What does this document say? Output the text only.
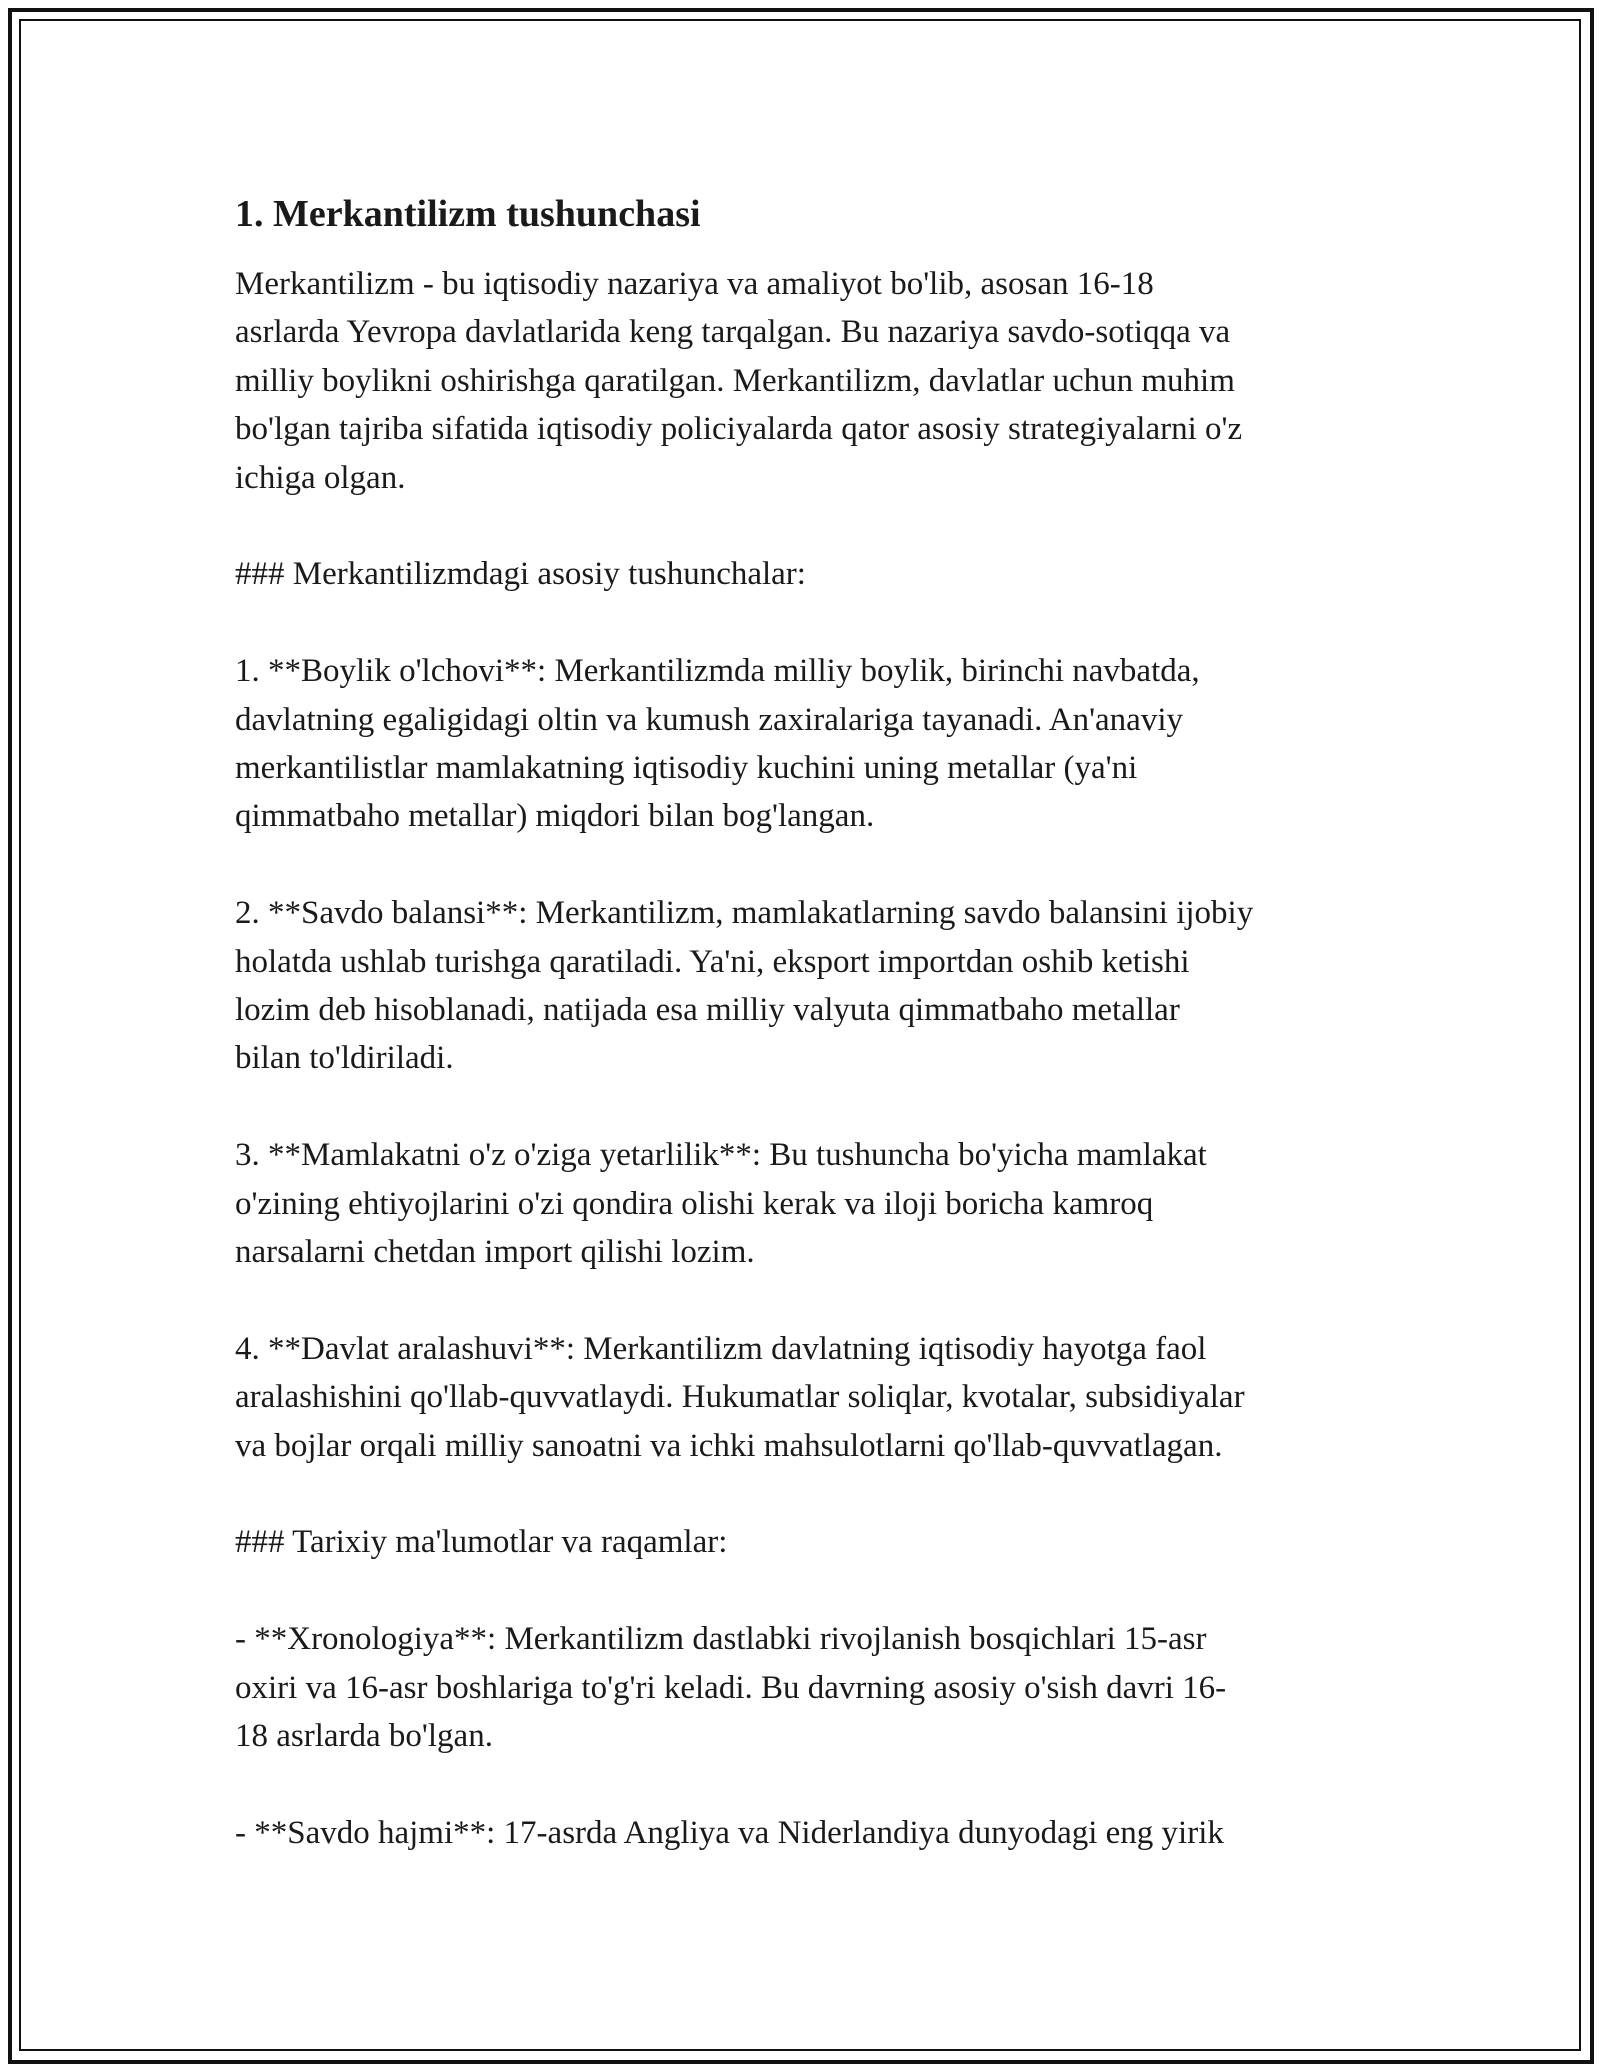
1. Merkantilizm tushunchasi

Merkantilizm - bu iqtisodiy nazariya va amaliyot bo'lib, asosan 16-18
asrlarda Yevropa davlatlarida keng tarqalgan. Bu nazariya savdo-sotiqqa va
milliy boylikni oshirishga qaratilgan. Merkantilizm, davlatlar uchun muhim
bo'lgan tajriba sifatida iqtisodiy policiyalarda qator asosiy strategiyalarni o'z
ichiga olgan.

### Merkantilizmdagi asosiy tushunchalar:

1. **Boylik o'lchovi**: Merkantilizmda milliy boylik, birinchi navbatda,
davlatning egaligidagi oltin va kumush zaxiralariga tayanadi. An'anaviy
merkantilistlar mamlakatning iqtisodiy kuchini uning metallar (ya'ni
qimmatbaho metallar) miqdori bilan bog'langan.

2. **Savdo balansi**: Merkantilizm, mamlakatlarning savdo balansini ijobiy
holatda ushlab turishga qaratiladi. Ya'ni, eksport importdan oshib ketishi
lozim deb hisoblanadi, natijada esa milliy valyuta qimmatbaho metallar
bilan to'ldiriladi.

3. **Mamlakatni o'z o'ziga yetarlilik**: Bu tushuncha bo'yicha mamlakat
o'zining ehtiyojlarini o'zi qondira olishi kerak va iloji boricha kamroq
narsalarni chetdan import qilishi lozim.

4. **Davlat aralashuvi**: Merkantilizm davlatning iqtisodiy hayotga faol
aralashishini qo'llab-quvvatlaydi. Hukumatlar soliqlar, kvotalar, subsidiyalar
va bojlar orqali milliy sanoatni va ichki mahsulotlarni qo'llab-quvvatlagan.

### Tarixiy ma'lumotlar va raqamlar:

- **Xronologiya**: Merkantilizm dastlabki rivojlanish bosqichlari 15-asr
oxiri va 16-asr boshlariga to'g'ri keladi. Bu davrning asosiy o'sish davri 16-
18 asrlarda bo'lgan.

- **Savdo hajmi**: 17-asrda Angliya va Niderlandiya dunyodagi eng yirik
